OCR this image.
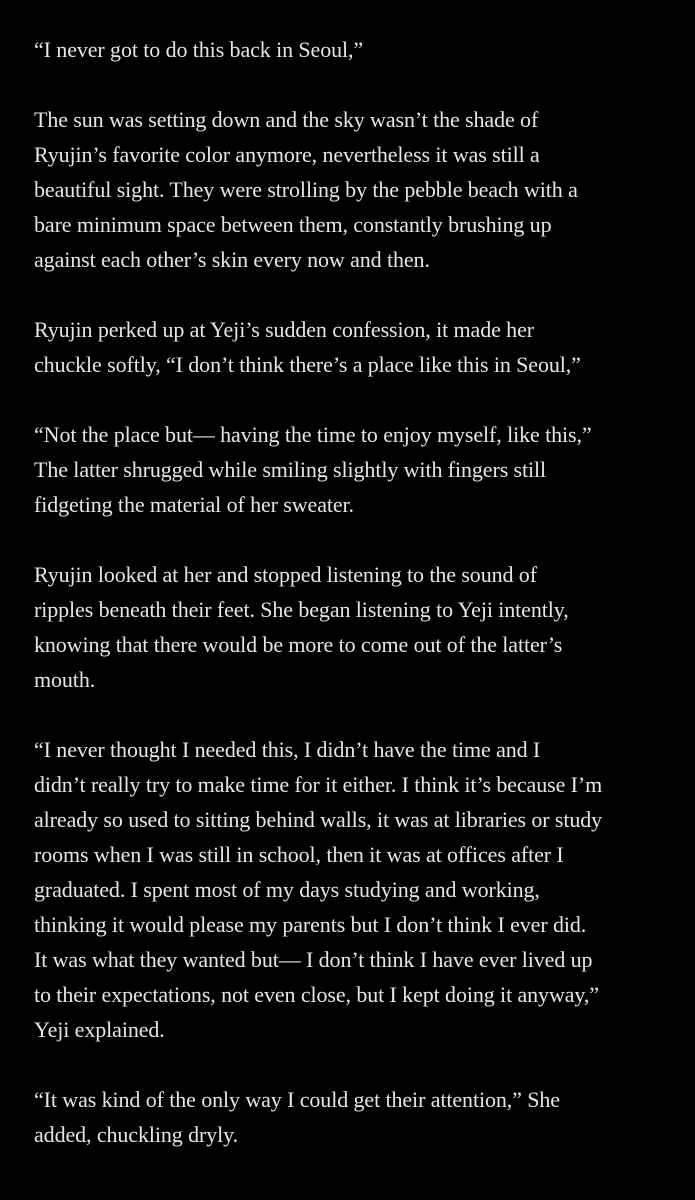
“I never got to do this back in Seoul,”

The sun was setting down and the sky wasn’t the shade of
Ryujin’s favorite color anymore, nevertheless it was still a
beautiful sight. They were strolling by the pebble beach with a
bare minimum space between them, constantly brushing up
against each other’s skin every now and then.

Ryujin perked up at Yeji’s sudden confession, it made her
chuckle softly, “I don’t think there’s a place like this in Seoul,”

“Not the place but— having the time to enjoy myself, like this,”
The latter shrugged while smiling slightly with fingers still
fidgeting the material of her sweater.

Ryujin looked at her and stopped listening to the sound of
ripples beneath their feet. She began listening to Yeji intently,
knowing that there would be more to come out of the latter’s
mouth.

“I never thought I needed this, I didn’t have the time and I
didn’t really try to make time for it either. I think it’s because I’m
already so used to sitting behind walls, it was at libraries or study
rooms when I was still in school, then it was at offices after I
graduated. I spent most of my days studying and working,
thinking it would please my parents but I don’t think I ever did.
It was what they wanted but— I don’t think I have ever lived up
to their expectations, not even close, but I kept doing it anyway,”
Yeji explained.

“It was kind of the only way I could get their attention,” She
added, chuckling dryly.
